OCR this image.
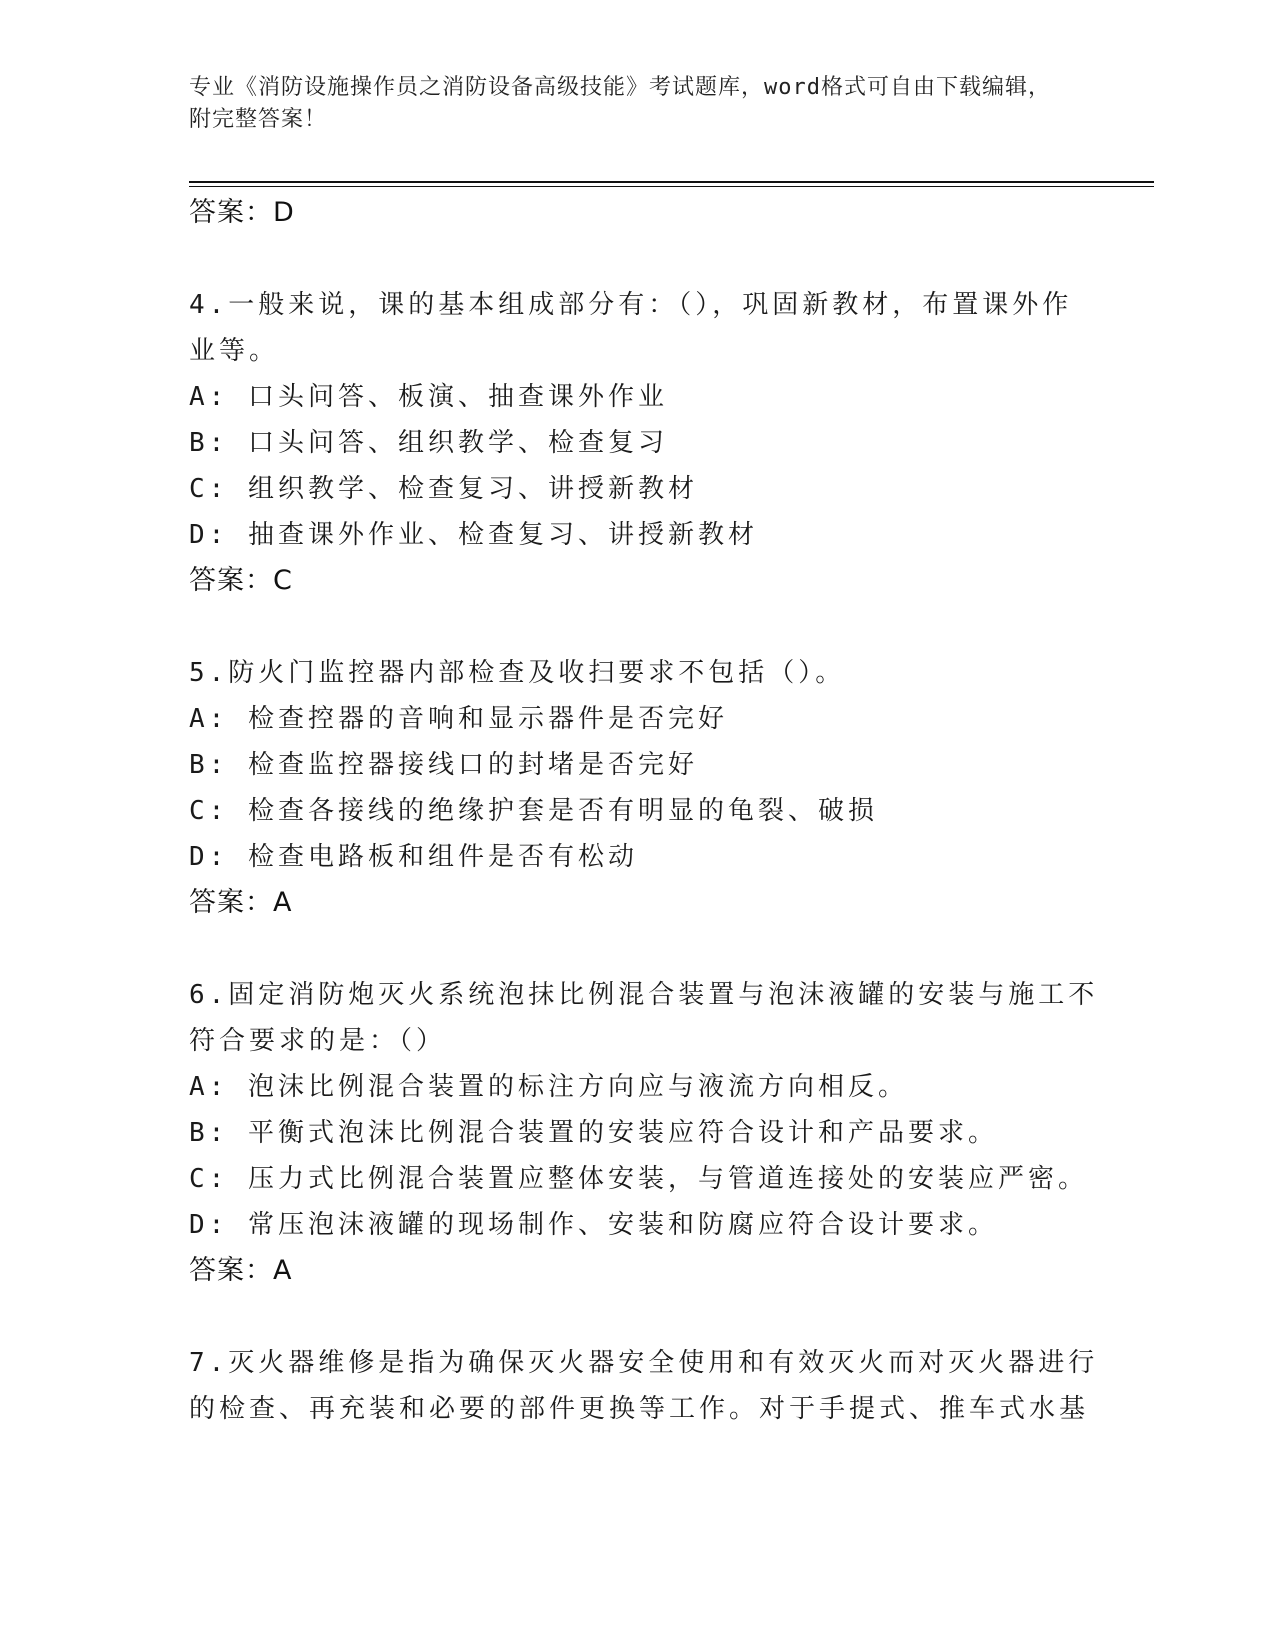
专业《消防设施操作员之消防设备高级技能》考试题库，word格式可自由下载编辑，附完整答案！
答案：D
4.一般来说，课的基本组成部分有：（），巩固新教材，布置课外作
业等。
A: 口头问答、板演、抽查课外作业
B: 口头问答、组织教学、检查复习
C: 组织教学、检查复习、讲授新教材
D: 抽查课外作业、检查复习、讲授新教材
答案：C
5.防火门监控器内部检查及收扫要求不包括（）。
A: 检查控器的音响和显示器件是否完好
B: 检查监控器接线口的封堵是否完好
C: 检查各接线的绝缘护套是否有明显的龟裂、破损
D: 检查电路板和组件是否有松动
答案：A
6.固定消防炮灭火系统泡抹比例混合装置与泡沫液罐的安装与施工不
符合要求的是：（）
A: 泡沫比例混合装置的标注方向应与液流方向相反。
B: 平衡式泡沫比例混合装置的安装应符合设计和产品要求。
C: 压力式比例混合装置应整体安装，与管道连接处的安装应严密。
D: 常压泡沫液罐的现场制作、安装和防腐应符合设计要求。
答案：A
7.灭火器维修是指为确保灭火器安全使用和有效灭火而对灭火器进行
的检查、再充装和必要的部件更换等工作。对于手提式、推车式水基
